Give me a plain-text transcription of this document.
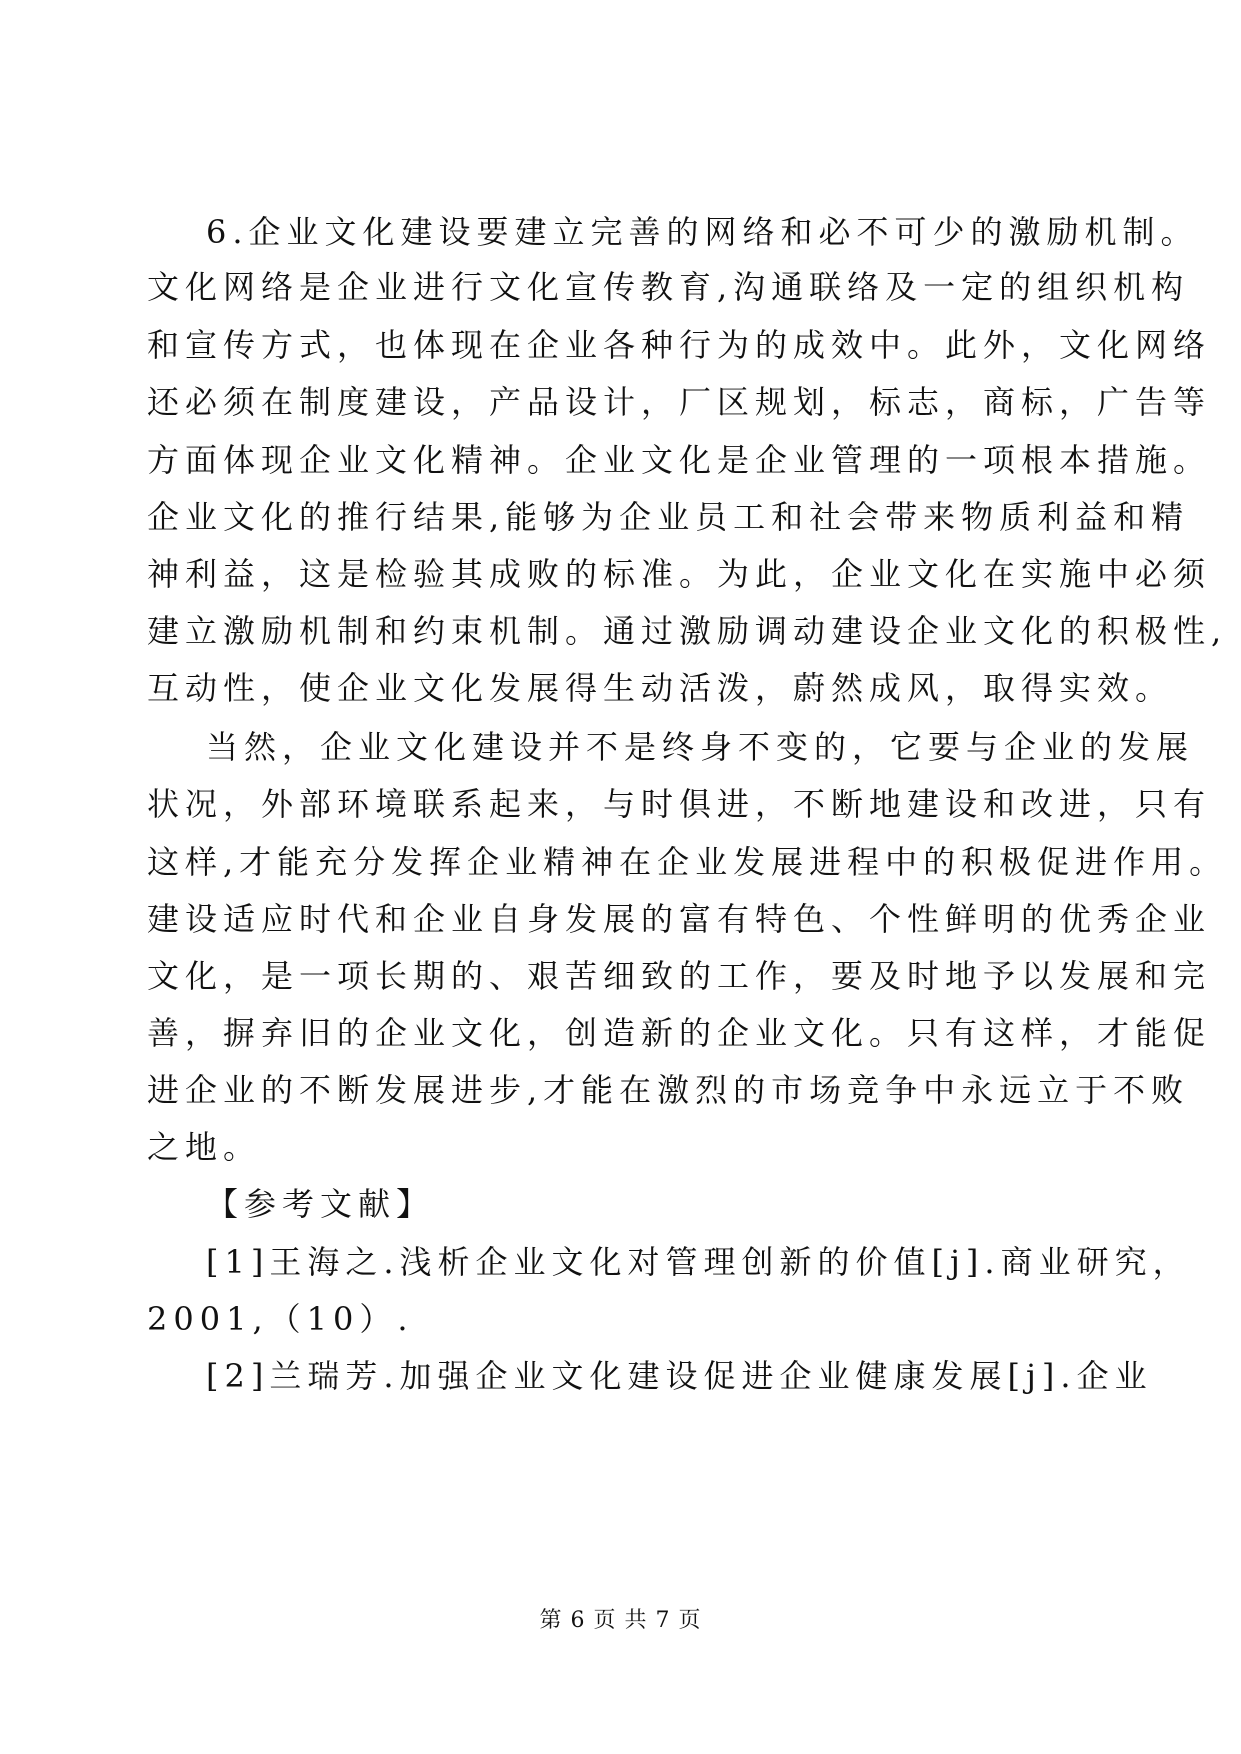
6.企业文化建设要建立完善的网络和必不可少的激励机制。
文化网络是企业进行文化宣传教育,沟通联络及一定的组织机构
和宣传方式，也体现在企业各种行为的成效中。此外，文化网络
还必须在制度建设，产品设计，厂区规划，标志，商标，广告等
方面体现企业文化精神。企业文化是企业管理的一项根本措施。
企业文化的推行结果,能够为企业员工和社会带来物质利益和精
神利益，这是检验其成败的标准。为此，企业文化在实施中必须
建立激励机制和约束机制。通过激励调动建设企业文化的积极性,
互动性，使企业文化发展得生动活泼，蔚然成风，取得实效。
当然，企业文化建设并不是终身不变的，它要与企业的发展
状况，外部环境联系起来，与时俱进，不断地建设和改进，只有
这样,才能充分发挥企业精神在企业发展进程中的积极促进作用。
建设适应时代和企业自身发展的富有特色、个性鲜明的优秀企业
文化，是一项长期的、艰苦细致的工作，要及时地予以发展和完
善，摒弃旧的企业文化，创造新的企业文化。只有这样，才能促
进企业的不断发展进步,才能在激烈的市场竞争中永远立于不败
之地。
【参考文献】
[1]王海之.浅析企业文化对管理创新的价值[j].商业研究，
2001,（10）.
[2]兰瑞芳.加强企业文化建设促进企业健康发展[j].企业
第 6 页 共 7 页
